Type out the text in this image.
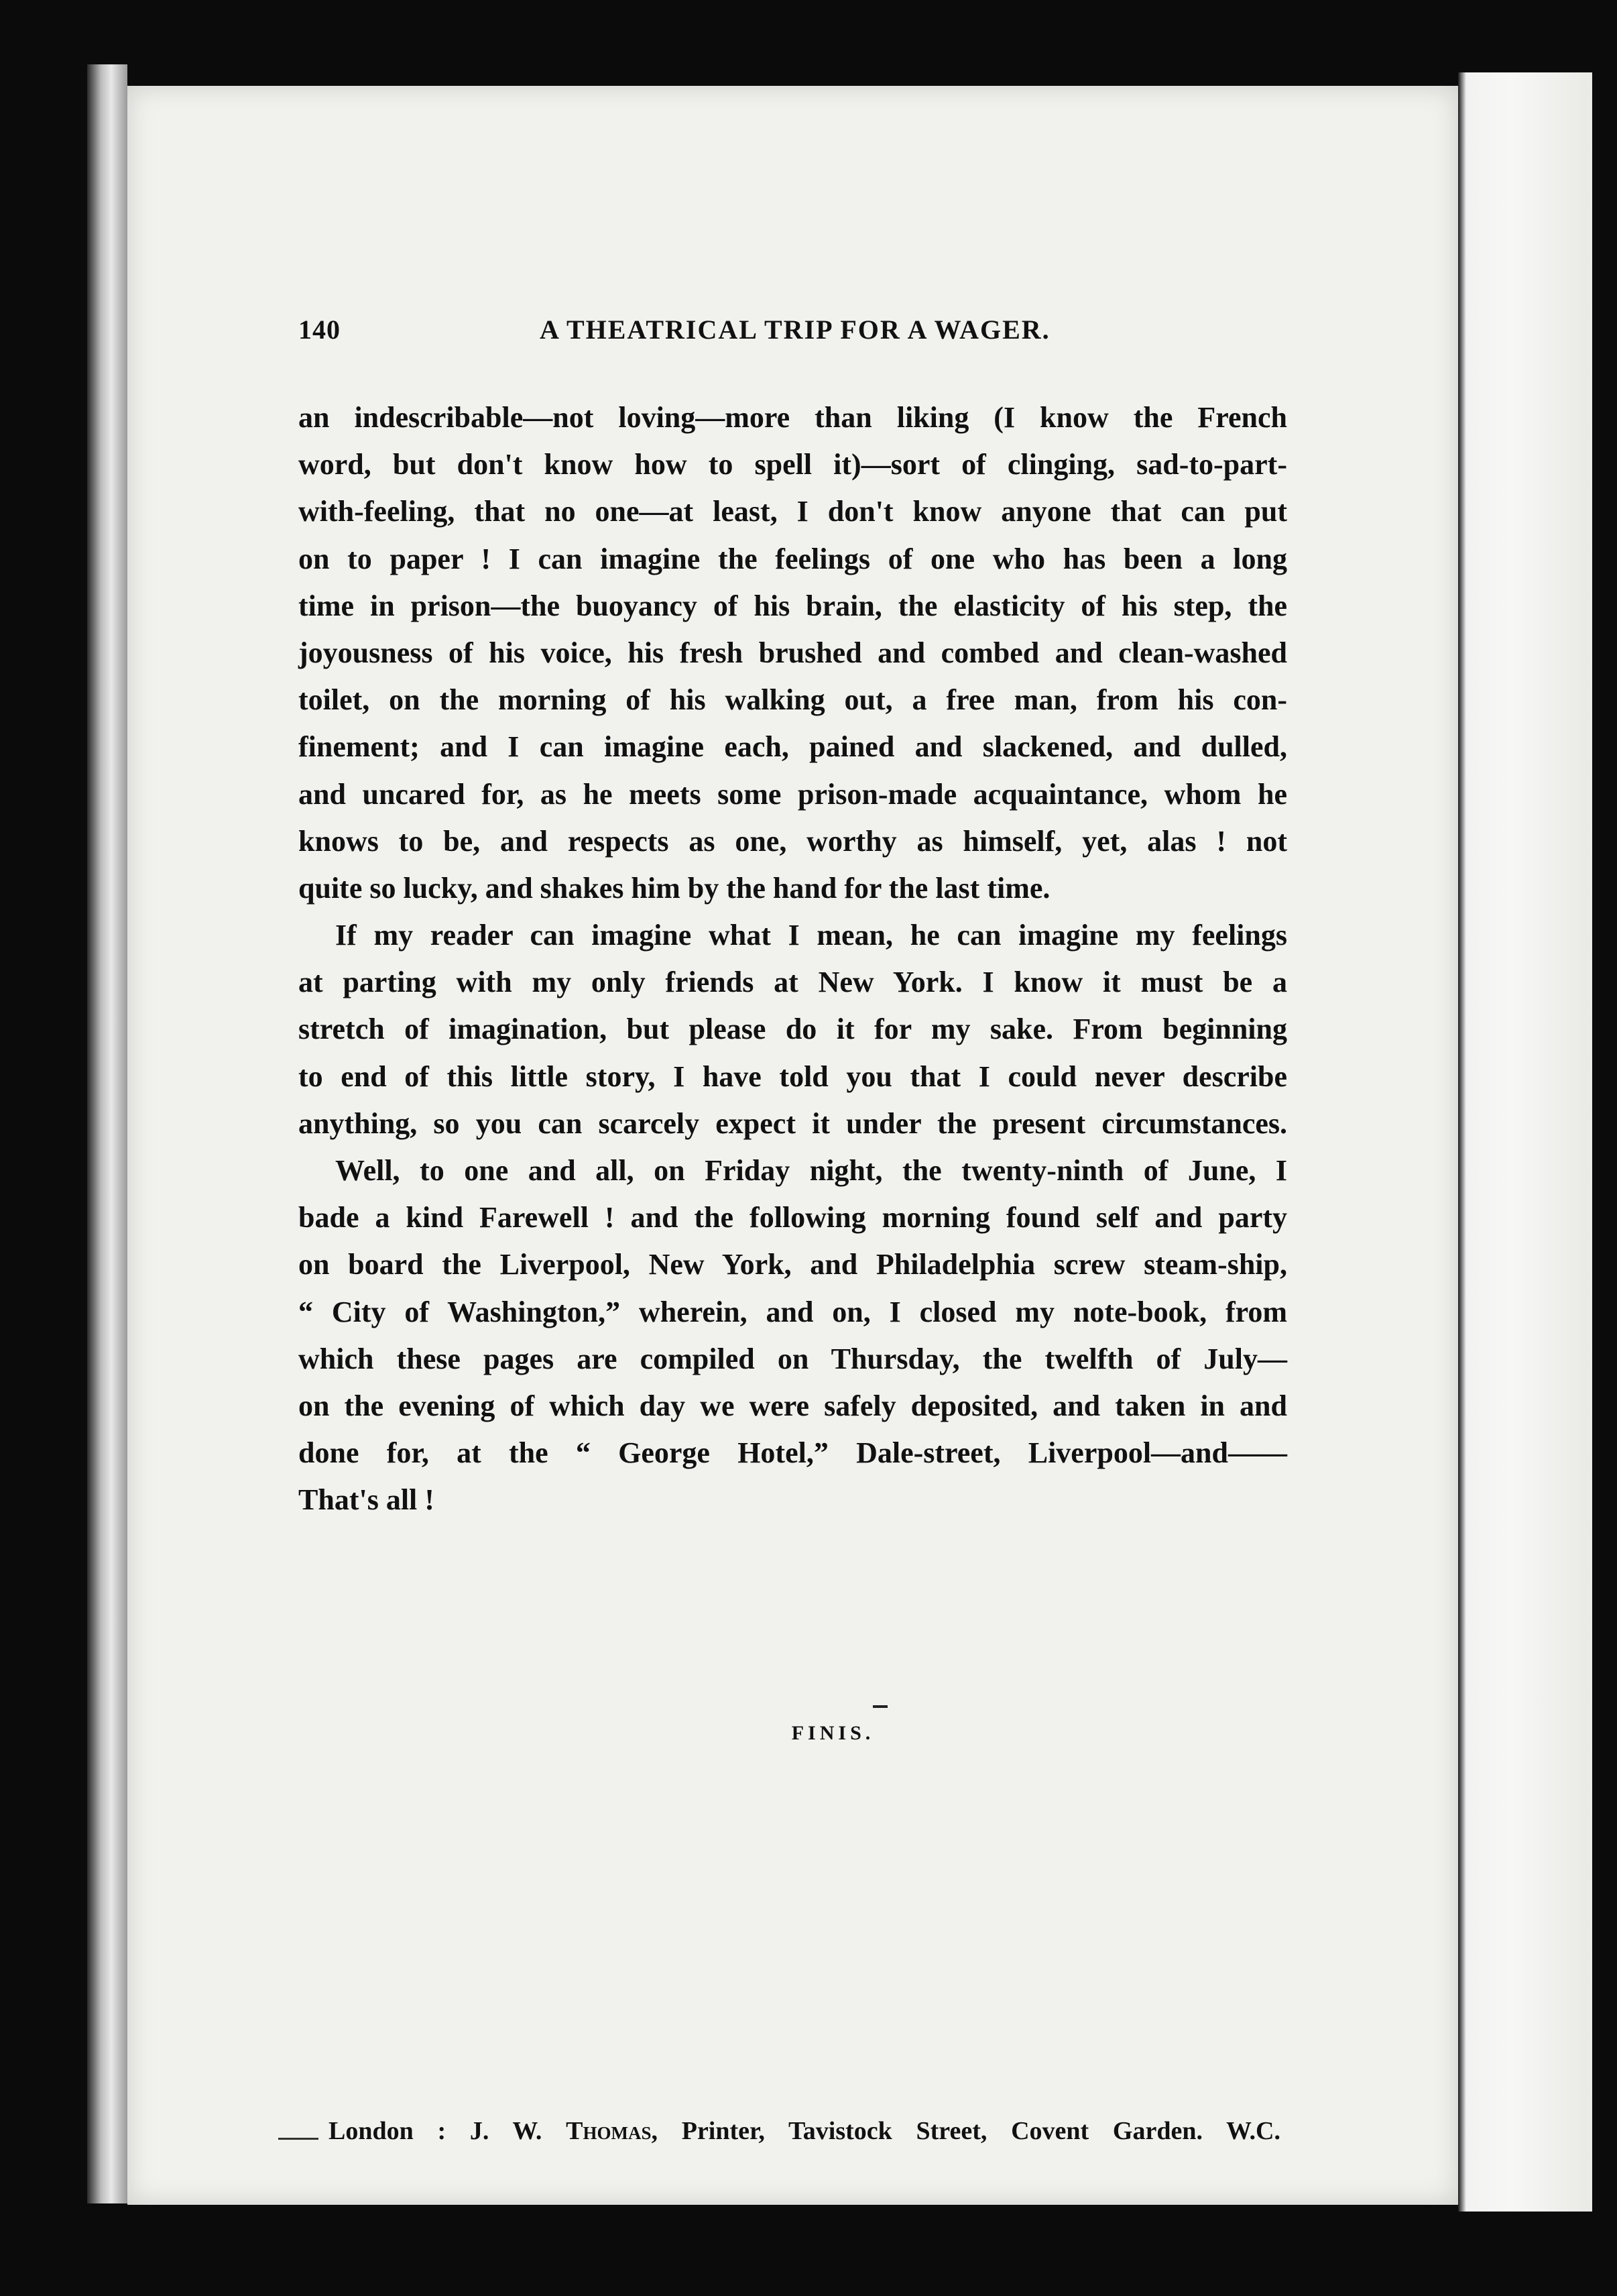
140	A THEATRICAL TRIP FOR A WAGER.
an indescribable—not loving—more than liking (I know the French
word, but don't know how to spell it)—sort of clinging, sad-to-part-
with-feeling, that no one—at least, I don't know anyone that can put
on to paper ! I can imagine the feelings of one who has been a long
time in prison—the buoyancy of his brain, the elasticity of his step, the
joyousness of his voice, his fresh brushed and combed and clean-washed
toilet, on the morning of his walking out, a free man, from his con-
finement; and I can imagine each, pained and slackened, and dulled,
and uncared for, as he meets some prison-made acquaintance, whom he
knows to be, and respects as one, worthy as himself, yet, alas ! not
quite so lucky, and shakes him by the hand for the last time.
If my reader can imagine what I mean, he can imagine my feelings
at parting with my only friends at New York. I know it must be a
stretch of imagination, but please do it for my sake. From beginning
to end of this little story, I have told you that I could never describe
anything, so you can scarcely expect it under the present circumstances.
Well, to one and all, on Friday night, the twenty-ninth of June, I
bade a kind Farewell ! and the following morning found self and party
on board the Liverpool, New York, and Philadelphia screw steam-ship,
“ City of Washington,” wherein, and on, I closed my note-book, from
which these pages are compiled on Thursday, the twelfth of July—
on the evening of which day we were safely deposited, and taken in and
done for, at the “ George Hotel,” Dale-street, Liverpool—and——
That's all !
FINIS.
London : J. W. Thomas, Printer, Tavistock Street, Covent Garden. W.C.
